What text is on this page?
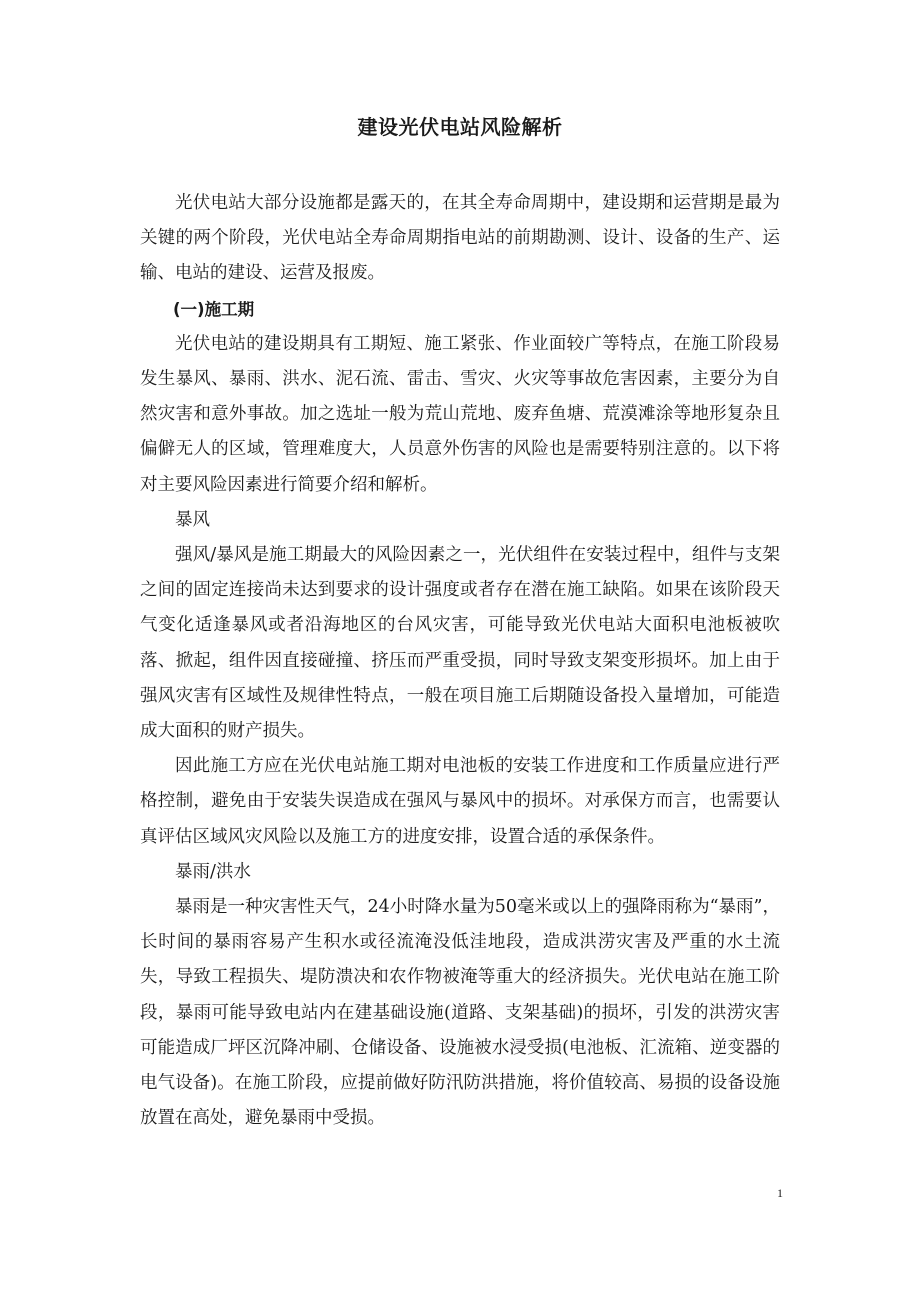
建设光伏电站风险解析

光伏电站大部分设施都是露天的，在其全寿命周期中，建设期和运营期是最为关键的两个阶段，光伏电站全寿命周期指电站的前期勘测、设计、设备的生产、运输、电站的建设、运营及报废。

(一)施工期

光伏电站的建设期具有工期短、施工紧张、作业面较广等特点，在施工阶段易发生暴风、暴雨、洪水、泥石流、雷击、雪灾、火灾等事故危害因素，主要分为自然灾害和意外事故。加之选址一般为荒山荒地、废弃鱼塘、荒漠滩涂等地形复杂且偏僻无人的区域，管理难度大，人员意外伤害的风险也是需要特别注意的。以下将对主要风险因素进行简要介绍和解析。

暴风

强风/暴风是施工期最大的风险因素之一，光伏组件在安装过程中，组件与支架之间的固定连接尚未达到要求的设计强度或者存在潜在施工缺陷。如果在该阶段天气变化适逢暴风或者沿海地区的台风灾害，可能导致光伏电站大面积电池板被吹落、掀起，组件因直接碰撞、挤压而严重受损，同时导致支架变形损坏。加上由于强风灾害有区域性及规律性特点，一般在项目施工后期随设备投入量增加，可能造成大面积的财产损失。

因此施工方应在光伏电站施工期对电池板的安装工作进度和工作质量应进行严格控制，避免由于安装失误造成在强风与暴风中的损坏。对承保方而言，也需要认真评估区域风灾风险以及施工方的进度安排，设置合适的承保条件。

暴雨/洪水

暴雨是一种灾害性天气，24小时降水量为50毫米或以上的强降雨称为“暴雨”，长时间的暴雨容易产生积水或径流淹没低洼地段，造成洪涝灾害及严重的水土流失，导致工程损失、堤防溃决和农作物被淹等重大的经济损失。光伏电站在施工阶段，暴雨可能导致电站内在建基础设施(道路、支架基础)的损坏，引发的洪涝灾害可能造成厂坪区沉降冲刷、仓储设备、设施被水浸受损(电池板、汇流箱、逆变器的电气设备)。在施工阶段，应提前做好防汛防洪措施，将价值较高、易损的设备设施放置在高处，避免暴雨中受损。

1
